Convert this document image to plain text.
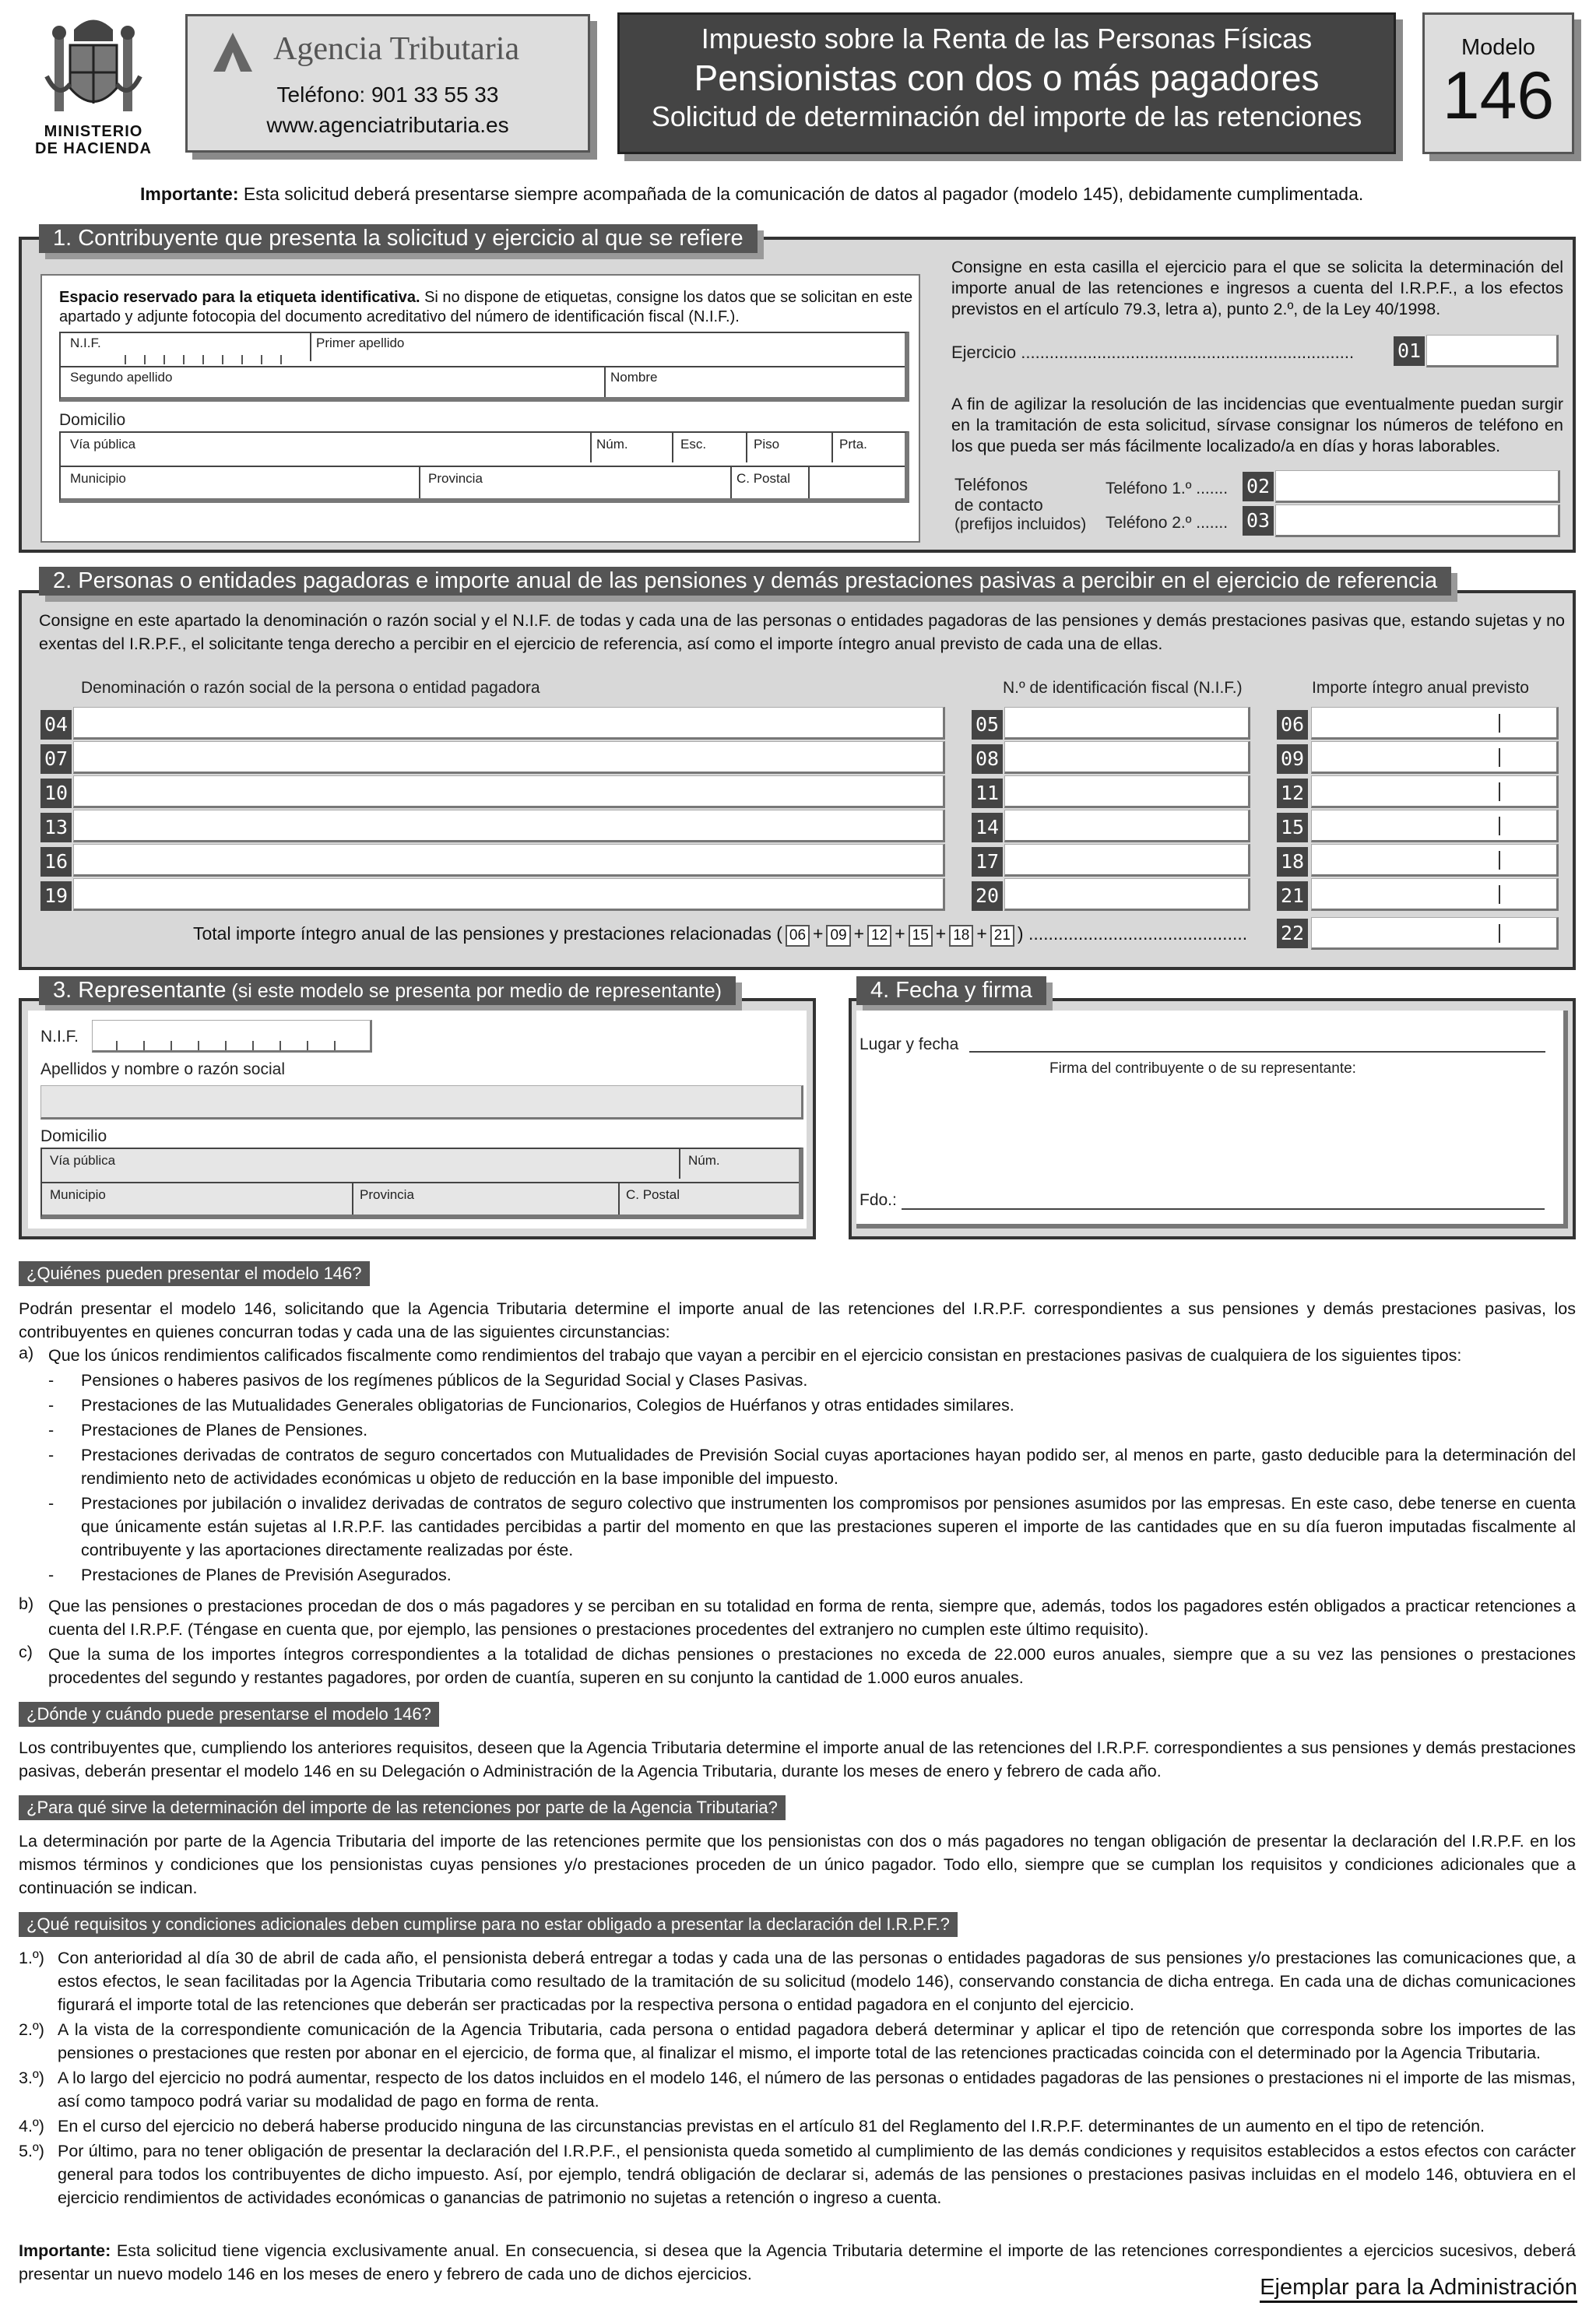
MINISTERIO
DE HACIENDA
Agencia Tributaria
Teléfono: 901 33 55 33
www.agenciatributaria.es
Impuesto sobre la Renta de las Personas Físicas
Pensionistas con dos o más pagadores
Solicitud de determinación del importe de las retenciones
Modelo
146
Importante: Esta solicitud deberá presentarse siempre acompañada de la comunicación de datos al pagador (modelo 145), debidamente cumplimentada.
1. Contribuyente que presenta la solicitud y ejercicio al que se refiere
Espacio reservado para la etiqueta identificativa. Si no dispone de etiquetas, consigne los datos que se solicitan en este apartado y adjunte fotocopia del documento acreditativo del número de identificación fiscal (N.I.F.).
N.I.F.	Primer apellido
Segundo apellido	Nombre
Domicilio
Vía pública	Núm.	Esc.	Piso	Prta.
Municipio	Provincia	C. Postal
Consigne en esta casilla el ejercicio para el que se solicita la determinación del importe anual de las retenciones e ingresos a cuenta del I.R.P.F., a los efectos previstos en el artículo 79.3, letra a), punto 2.º, de la Ley 40/1998.
Ejercicio ...................................................................... 01
A fin de agilizar la resolución de las incidencias que eventualmente puedan surgir en la tramitación de esta solicitud, sírvase consignar los números de teléfono en los que pueda ser más fácilmente localizado/a en días y horas laborables.
Teléfonos
de contacto
(prefijos incluidos)
Teléfono 1.º .......
Teléfono 2.º .......
02
03
2. Personas o entidades pagadoras e importe anual de las pensiones y demás prestaciones pasivas a percibir en el ejercicio de referencia
Consigne en este apartado la denominación o razón social y el N.I.F. de todas y cada una de las personas o entidades pagadoras de las pensiones y demás prestaciones pasivas que, estando sujetas y no exentas del I.R.P.F., el solicitante tenga derecho a percibir en el ejercicio de referencia, así como el importe íntegro anual previsto de cada una de ellas.
Denominación o razón social de la persona o entidad pagadora	N.º de identificación fiscal (N.I.F.)	Importe íntegro anual previsto
04	05	06
07	08	09
10	11	12
13	14	15
16	17	18
19	20	21
Total importe íntegro anual de las pensiones y prestaciones relacionadas ( 06 + 09 + 12 + 15 + 18 + 21 ) ............................................ 22
3. Representante (si este modelo se presenta por medio de representante)
N.I.F.
Apellidos y nombre o razón social
Domicilio
Vía pública	Núm.
Municipio	Provincia	C. Postal
4. Fecha y firma
Lugar y fecha
Firma del contribuyente o de su representante:
Fdo.:
¿Quiénes pueden presentar el modelo 146?
Podrán presentar el modelo 146, solicitando que la Agencia Tributaria determine el importe anual de las retenciones del I.R.P.F. correspondientes a sus pensiones y demás prestaciones pasivas, los contribuyentes en quienes concurran todas y cada una de las siguientes circunstancias:
a) Que los únicos rendimientos calificados fiscalmente como rendimientos del trabajo que vayan a percibir en el ejercicio consistan en prestaciones pasivas de cualquiera de los siguientes tipos:
- Pensiones o haberes pasivos de los regímenes públicos de la Seguridad Social y Clases Pasivas.
- Prestaciones de las Mutualidades Generales obligatorias de Funcionarios, Colegios de Huérfanos y otras entidades similares.
- Prestaciones de Planes de Pensiones.
- Prestaciones derivadas de contratos de seguro concertados con Mutualidades de Previsión Social cuyas aportaciones hayan podido ser, al menos en parte, gasto deducible para la determinación del rendimiento neto de actividades económicas u objeto de reducción en la base imponible del impuesto.
- Prestaciones por jubilación o invalidez derivadas de contratos de seguro colectivo que instrumenten los compromisos por pensiones asumidos por las empresas. En este caso, debe tenerse en cuenta que únicamente están sujetas al I.R.P.F. las cantidades percibidas a partir del momento en que las prestaciones superen el importe de las cantidades que en su día fueron imputadas fiscalmente al contribuyente y las aportaciones directamente realizadas por éste.
- Prestaciones de Planes de Previsión Asegurados.
b) Que las pensiones o prestaciones procedan de dos o más pagadores y se perciban en su totalidad en forma de renta, siempre que, además, todos los pagadores estén obligados a practicar retenciones a cuenta del I.R.P.F. (Téngase en cuenta que, por ejemplo, las pensiones o prestaciones procedentes del extranjero no cumplen este último requisito).
c) Que la suma de los importes íntegros correspondientes a la totalidad de dichas pensiones o prestaciones no exceda de 22.000 euros anuales, siempre que a su vez las pensiones o prestaciones procedentes del segundo y restantes pagadores, por orden de cuantía, superen en su conjunto la cantidad de 1.000 euros anuales.
¿Dónde y cuándo puede presentarse el modelo 146?
Los contribuyentes que, cumpliendo los anteriores requisitos, deseen que la Agencia Tributaria determine el importe anual de las retenciones del I.R.P.F. correspondientes a sus pensiones y demás prestaciones pasivas, deberán presentar el modelo 146 en su Delegación o Administración de la Agencia Tributaria, durante los meses de enero y febrero de cada año.
¿Para qué sirve la determinación del importe de las retenciones por parte de la Agencia Tributaria?
La determinación por parte de la Agencia Tributaria del importe de las retenciones permite que los pensionistas con dos o más pagadores no tengan obligación de presentar la declaración del I.R.P.F. en los mismos términos y condiciones que los pensionistas cuyas pensiones y/o prestaciones proceden de un único pagador. Todo ello, siempre que se cumplan los requisitos y condiciones adicionales que a continuación se indican.
¿Qué requisitos y condiciones adicionales deben cumplirse para no estar obligado a presentar la declaración del I.R.P.F.?
1.º) Con anterioridad al día 30 de abril de cada año, el pensionista deberá entregar a todas y cada una de las personas o entidades pagadoras de sus pensiones y/o prestaciones las comunicaciones que, a estos efectos, le sean facilitadas por la Agencia Tributaria como resultado de la tramitación de su solicitud (modelo 146), conservando constancia de dicha entrega. En cada una de dichas comunicaciones figurará el importe total de las retenciones que deberán ser practicadas por la respectiva persona o entidad pagadora en el conjunto del ejercicio.
2.º) A la vista de la correspondiente comunicación de la Agencia Tributaria, cada persona o entidad pagadora deberá determinar y aplicar el tipo de retención que corresponda sobre los importes de las pensiones o prestaciones que resten por abonar en el ejercicio, de forma que, al finalizar el mismo, el importe total de las retenciones practicadas coincida con el determinado por la Agencia Tributaria.
3.º) A lo largo del ejercicio no podrá aumentar, respecto de los datos incluidos en el modelo 146, el número de las personas o entidades pagadoras de las pensiones o prestaciones ni el importe de las mismas, así como tampoco podrá variar su modalidad de pago en forma de renta.
4.º) En el curso del ejercicio no deberá haberse producido ninguna de las circunstancias previstas en el artículo 81 del Reglamento del I.R.P.F. determinantes de un aumento en el tipo de retención.
5.º) Por último, para no tener obligación de presentar la declaración del I.R.P.F., el pensionista queda sometido al cumplimiento de las demás condiciones y requisitos establecidos a estos efectos con carácter general para todos los contribuyentes de dicho impuesto. Así, por ejemplo, tendrá obligación de declarar si, además de las pensiones o prestaciones pasivas incluidas en el modelo 146, obtuviera en el ejercicio rendimientos de actividades económicas o ganancias de patrimonio no sujetas a retención o ingreso a cuenta.
Importante: Esta solicitud tiene vigencia exclusivamente anual. En consecuencia, si desea que la Agencia Tributaria determine el importe de las retenciones correspondientes a ejercicios sucesivos, deberá presentar un nuevo modelo 146 en los meses de enero y febrero de cada uno de dichos ejercicios.
Ejemplar para la Administración
